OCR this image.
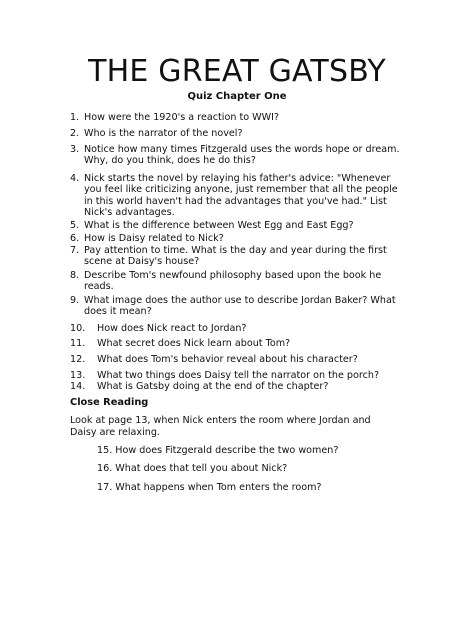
THE GREAT GATSBY
Quiz Chapter One
1. How were the 1920's a reaction to WWI?
2. Who is the narrator of the novel?
3. Notice how many times Fitzgerald uses the words hope or dream. Why, do you think, does he do this?
4. Nick starts the novel by relaying his father's advice: "Whenever you feel like criticizing anyone, just remember that all the people in this world haven't had the advantages that you've had." List Nick's advantages.
5. What is the difference between West Egg and East Egg?
6. How is Daisy related to Nick?
7. Pay attention to time. What is the day and year during the first scene at Daisy's house?
8. Describe Tom's newfound philosophy based upon the book he reads.
9. What image does the author use to describe Jordan Baker? What does it mean?
10.	How does Nick react to Jordan?
11.	What secret does Nick learn about Tom?
12.	What does Tom's behavior reveal about his character?
13.	What two things does Daisy tell the narrator on the porch?
14.	What is Gatsby doing at the end of the chapter?
Close Reading
Look at page 13, when Nick enters the room where Jordan and Daisy are relaxing.
15. How does Fitzgerald describe the two women?
16. What does that tell you about Nick?
17. What happens when Tom enters the room?
